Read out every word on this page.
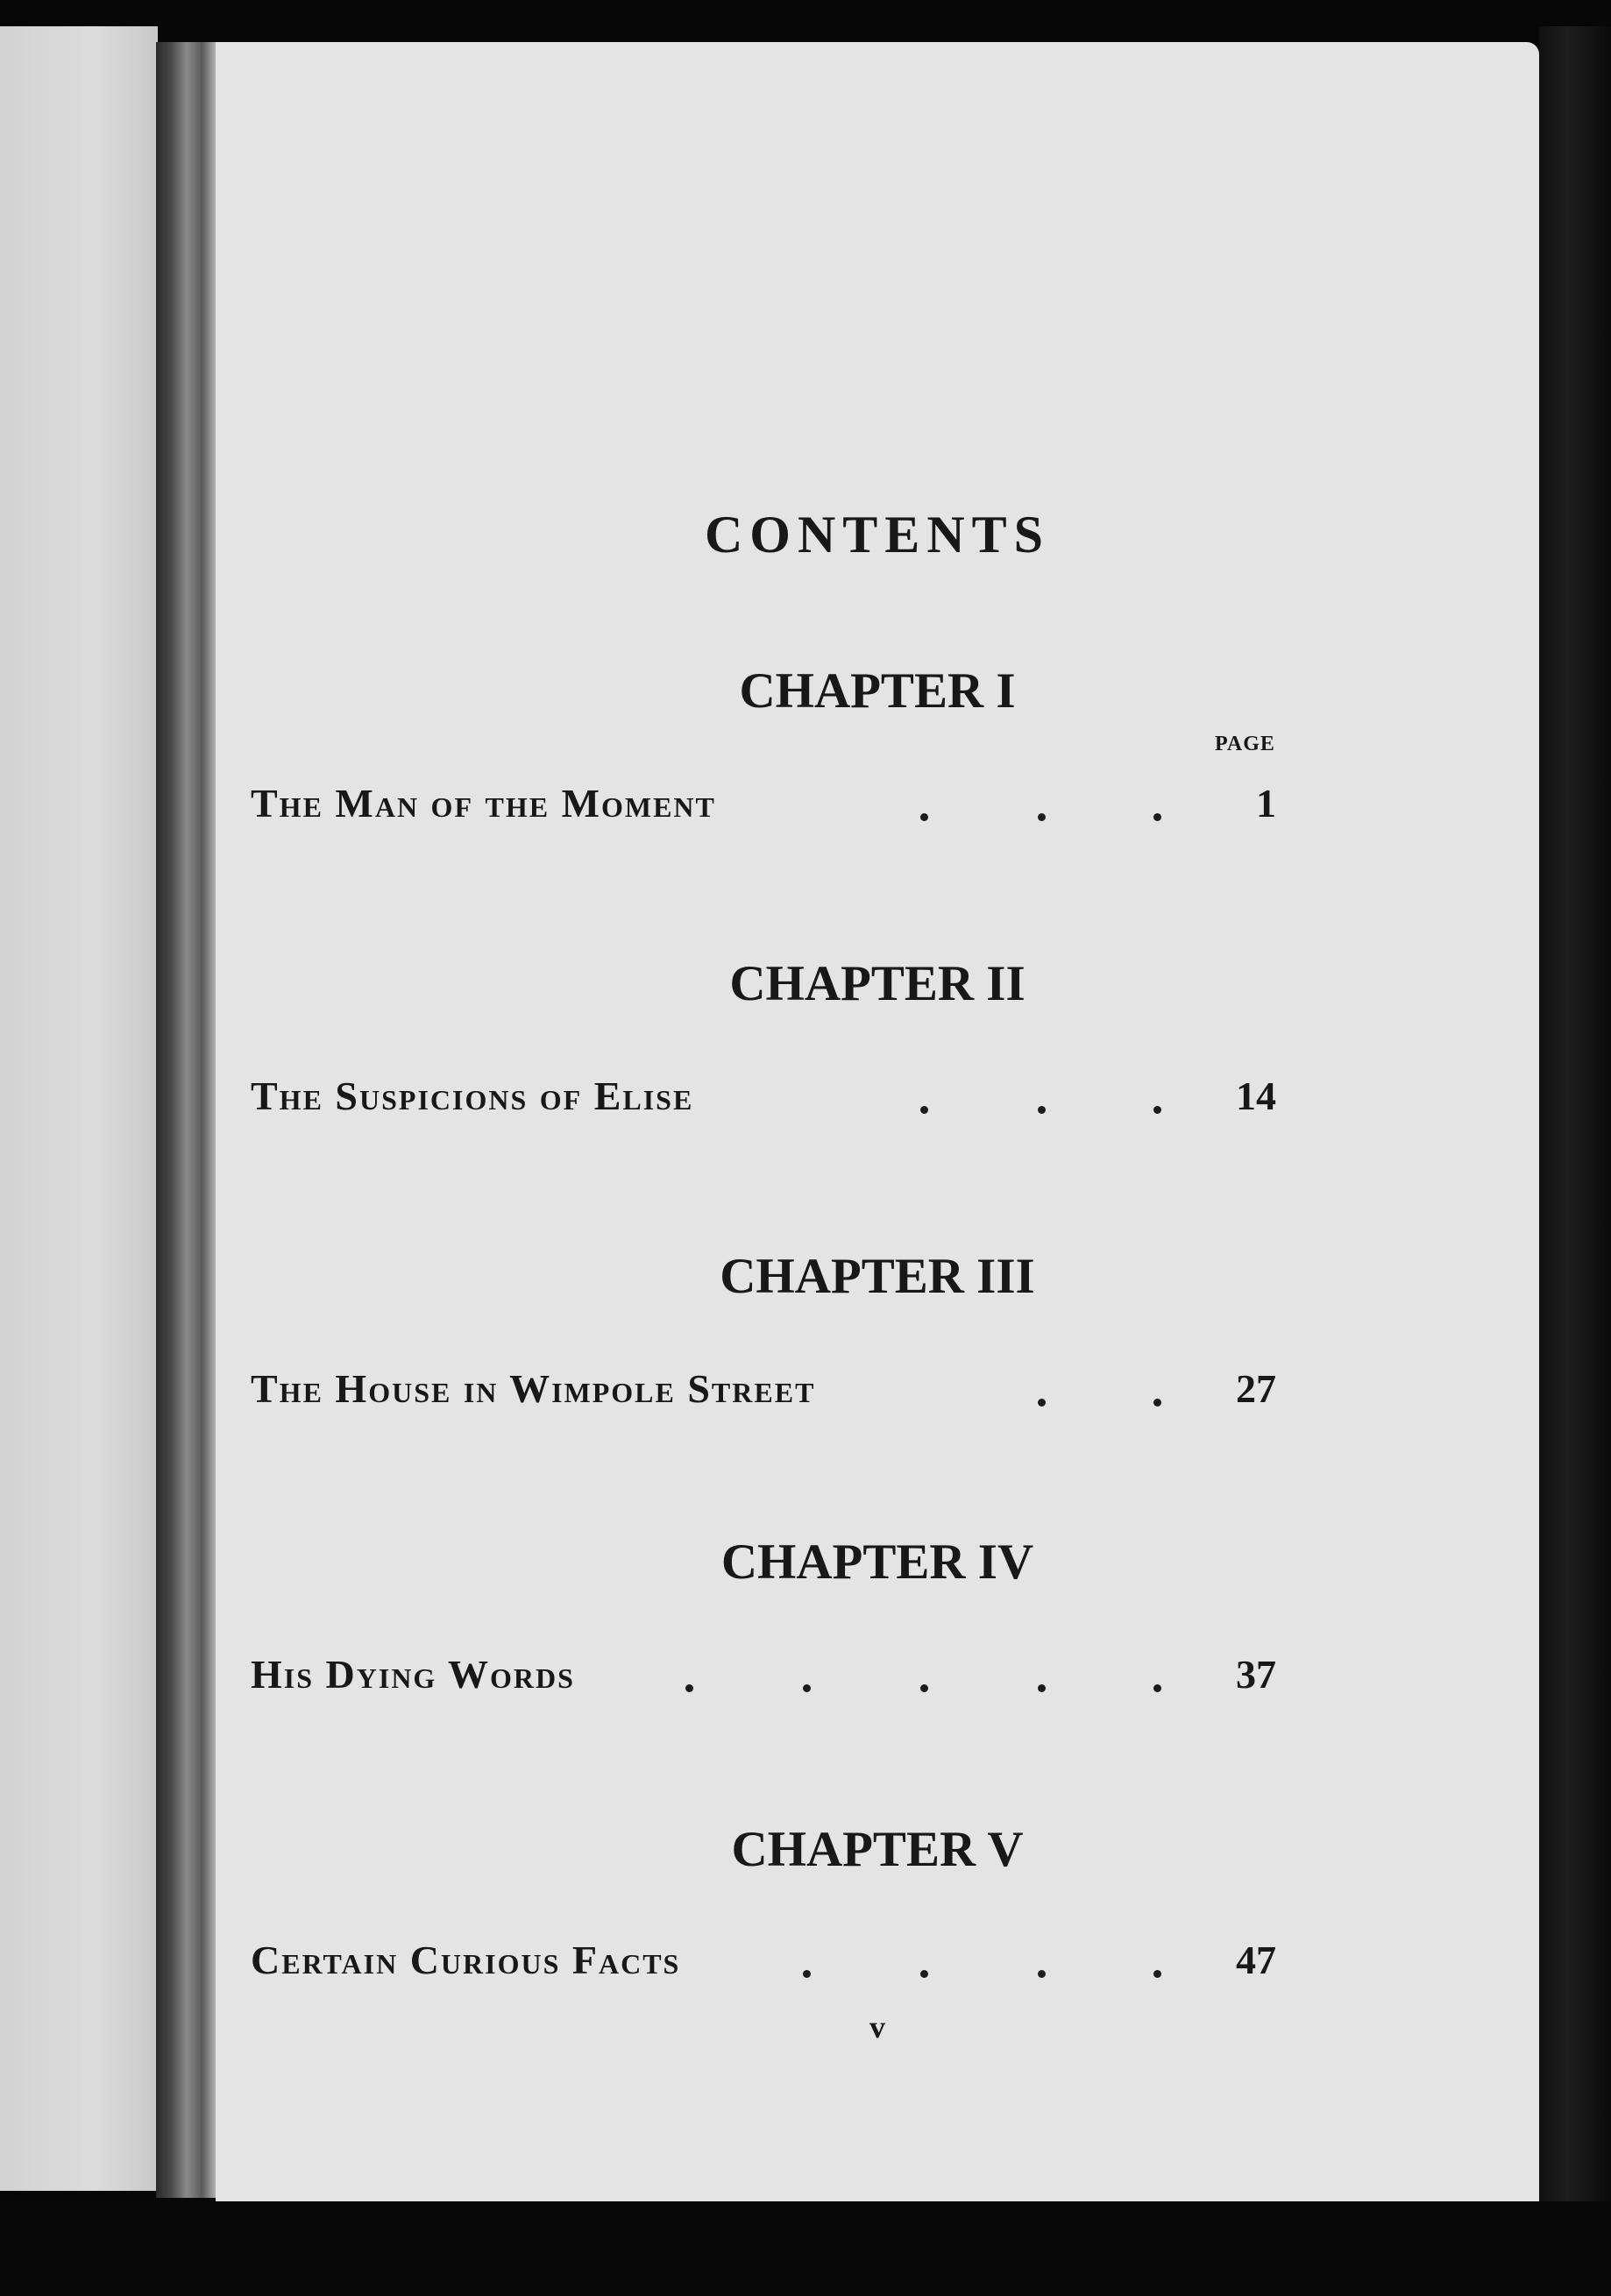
CONTENTS
PAGE
CHAPTER I
The Man of the Moment	1
CHAPTER II
The Suspicions of Elise	14
CHAPTER III
The House in Wimpole Street	27
CHAPTER IV
His Dying Words	37
CHAPTER V
Certain Curious Facts	47
v
